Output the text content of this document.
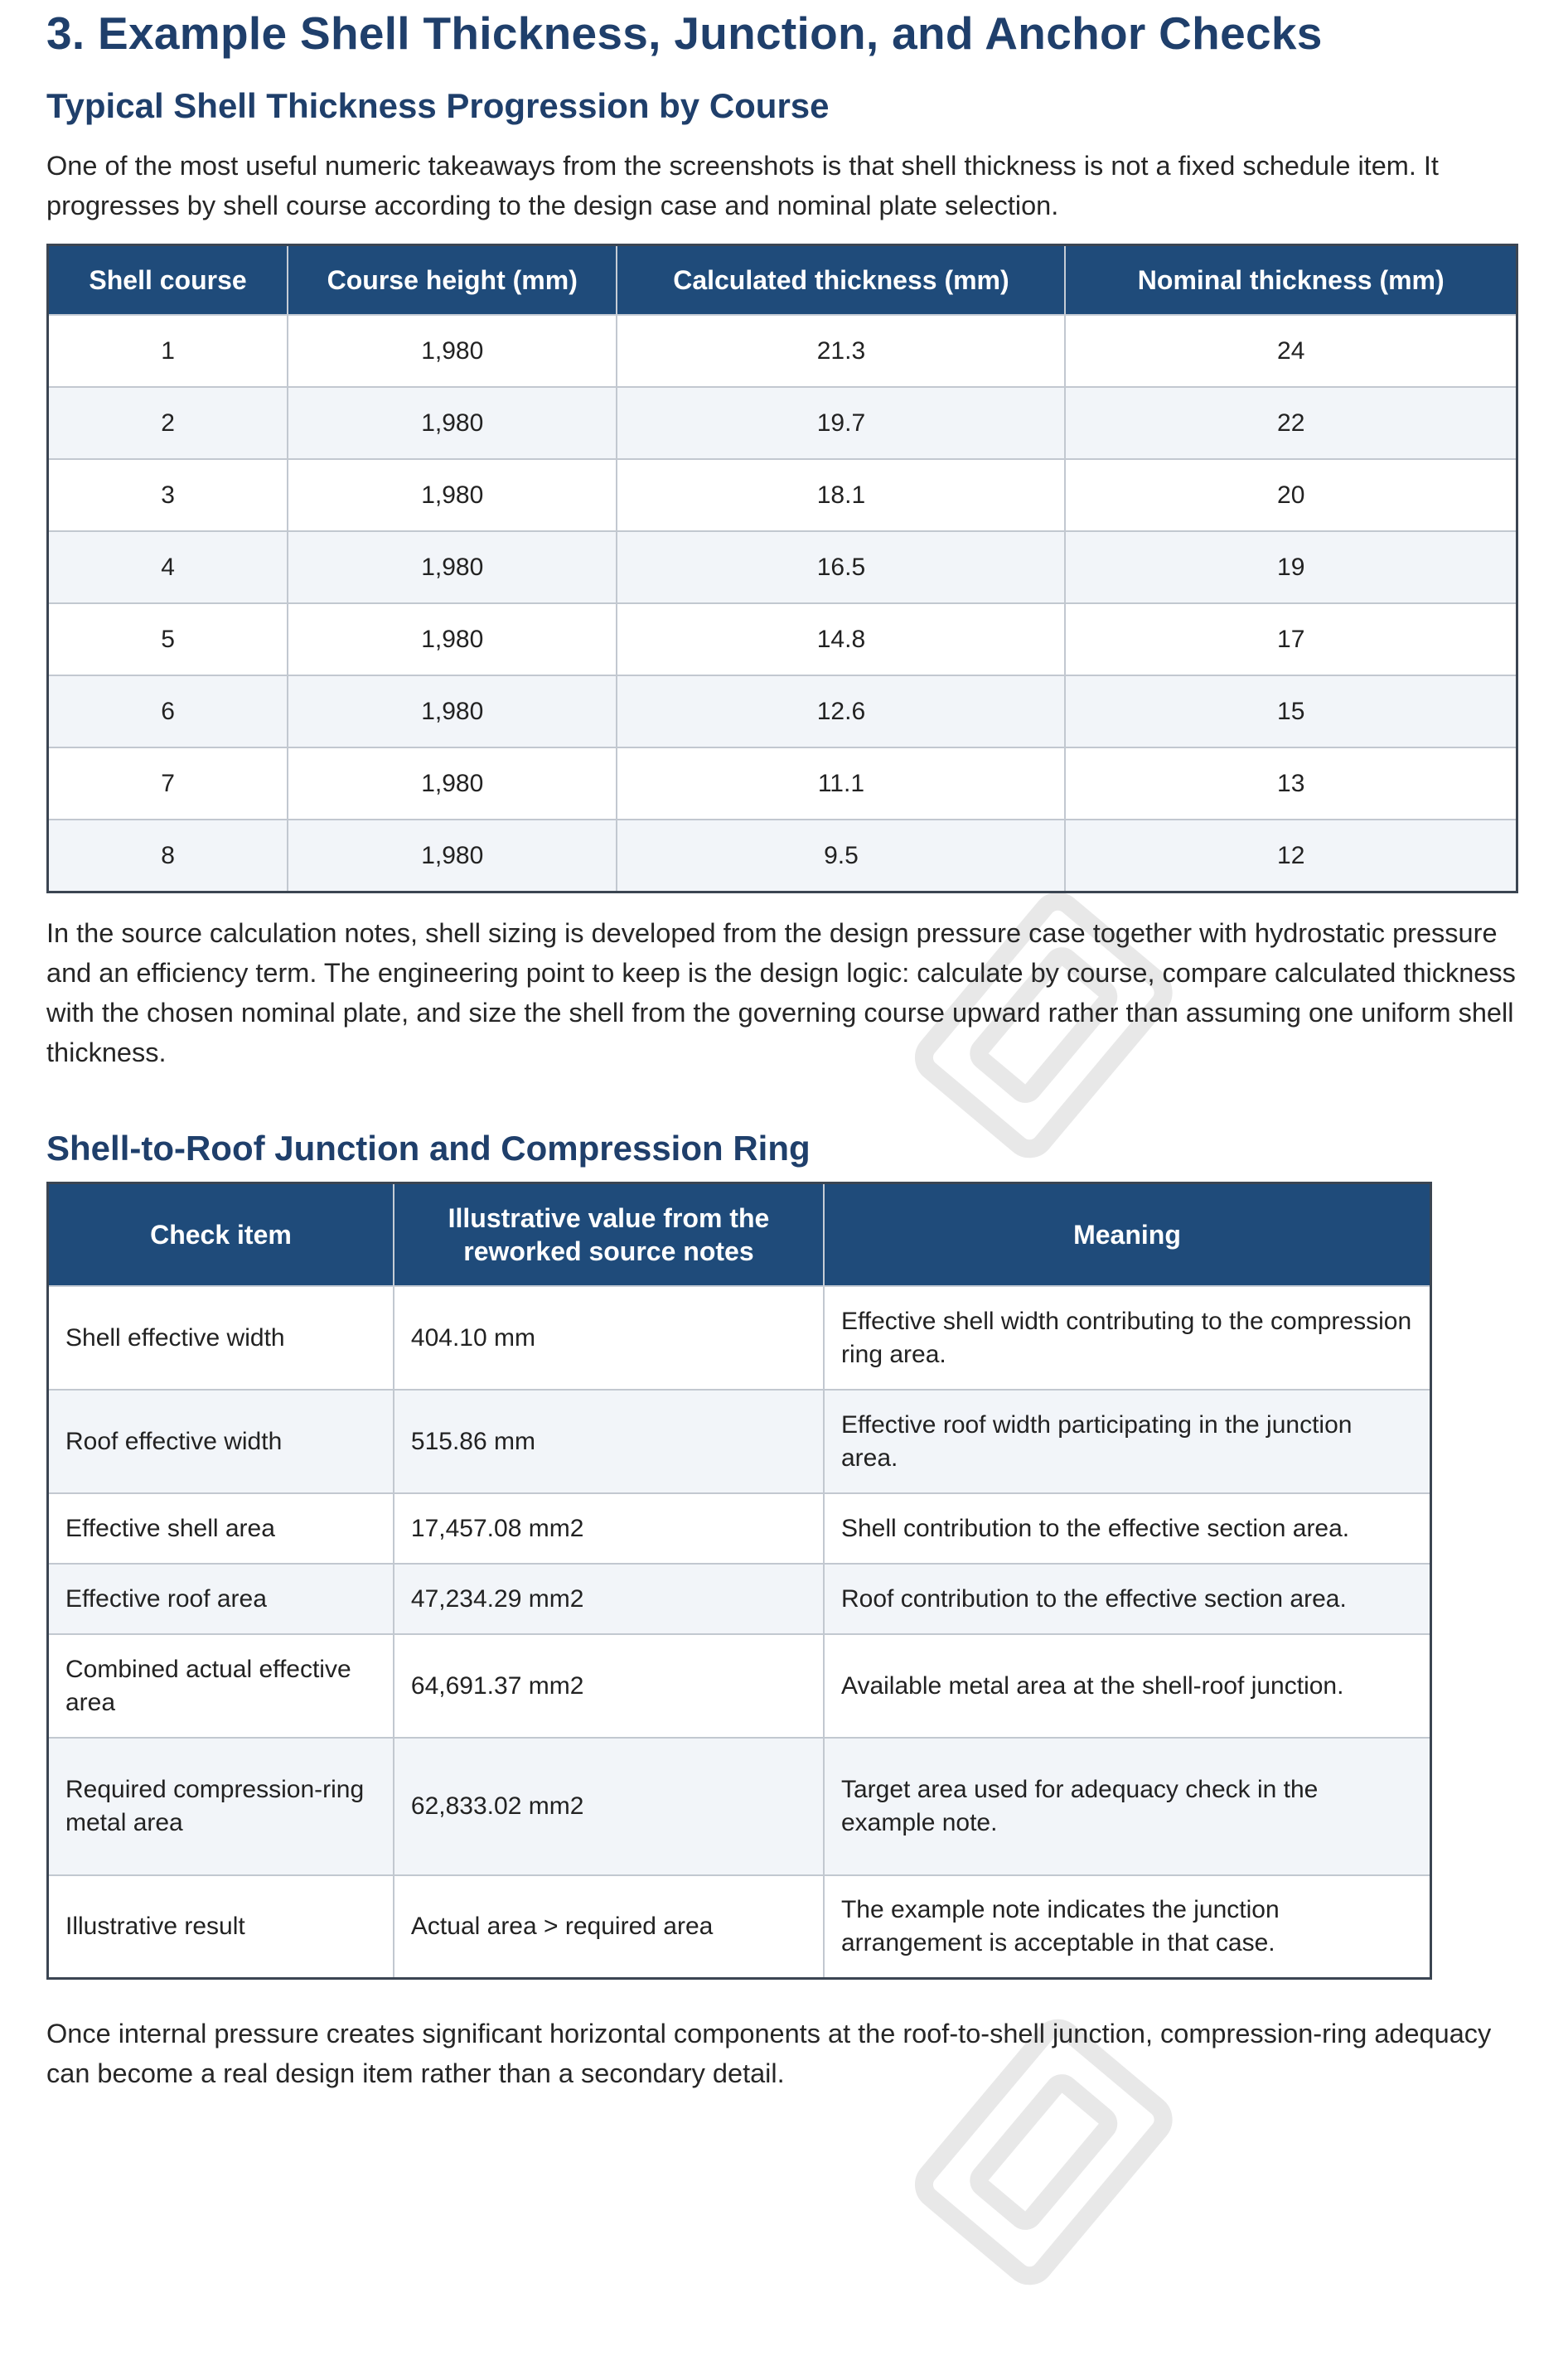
3. Example Shell Thickness, Junction, and Anchor Checks
Typical Shell Thickness Progression by Course

One of the most useful numeric takeaways from the screenshots is that shell thickness is not a fixed schedule item. It progresses by shell course according to the design case and nominal plate selection.

Shell course	Course height (mm)	Calculated thickness (mm)	Nominal thickness (mm)
1	1,980	21.3	24
2	1,980	19.7	22
3	1,980	18.1	20
4	1,980	16.5	19
5	1,980	14.8	17
6	1,980	12.6	15
7	1,980	11.1	13
8	1,980	9.5	12

In the source calculation notes, shell sizing is developed from the design pressure case together with hydrostatic pressure and an efficiency term. The engineering point to keep is the design logic: calculate by course, compare calculated thickness with the chosen nominal plate, and size the shell from the governing course upward rather than assuming one uniform shell thickness.

Shell-to-Roof Junction and Compression Ring
Check item	Illustrative value from the reworked source notes	Meaning
Shell effective width	404.10 mm	Effective shell width contributing to the compression ring area.
Roof effective width	515.86 mm	Effective roof width participating in the junction area.
Effective shell area	17,457.08 mm2	Shell contribution to the effective section area.
Effective roof area	47,234.29 mm2	Roof contribution to the effective section area.
Combined actual effective area	64,691.37 mm2	Available metal area at the shell-roof junction.
Required compression-ring metal area	62,833.02 mm2	Target area used for adequacy check in the example note.
Illustrative result	Actual area > required area	The example note indicates the junction arrangement is acceptable in that case.

Once internal pressure creates significant horizontal components at the roof-to-shell junction, compression-ring adequacy can become a real design item rather than a secondary detail.
